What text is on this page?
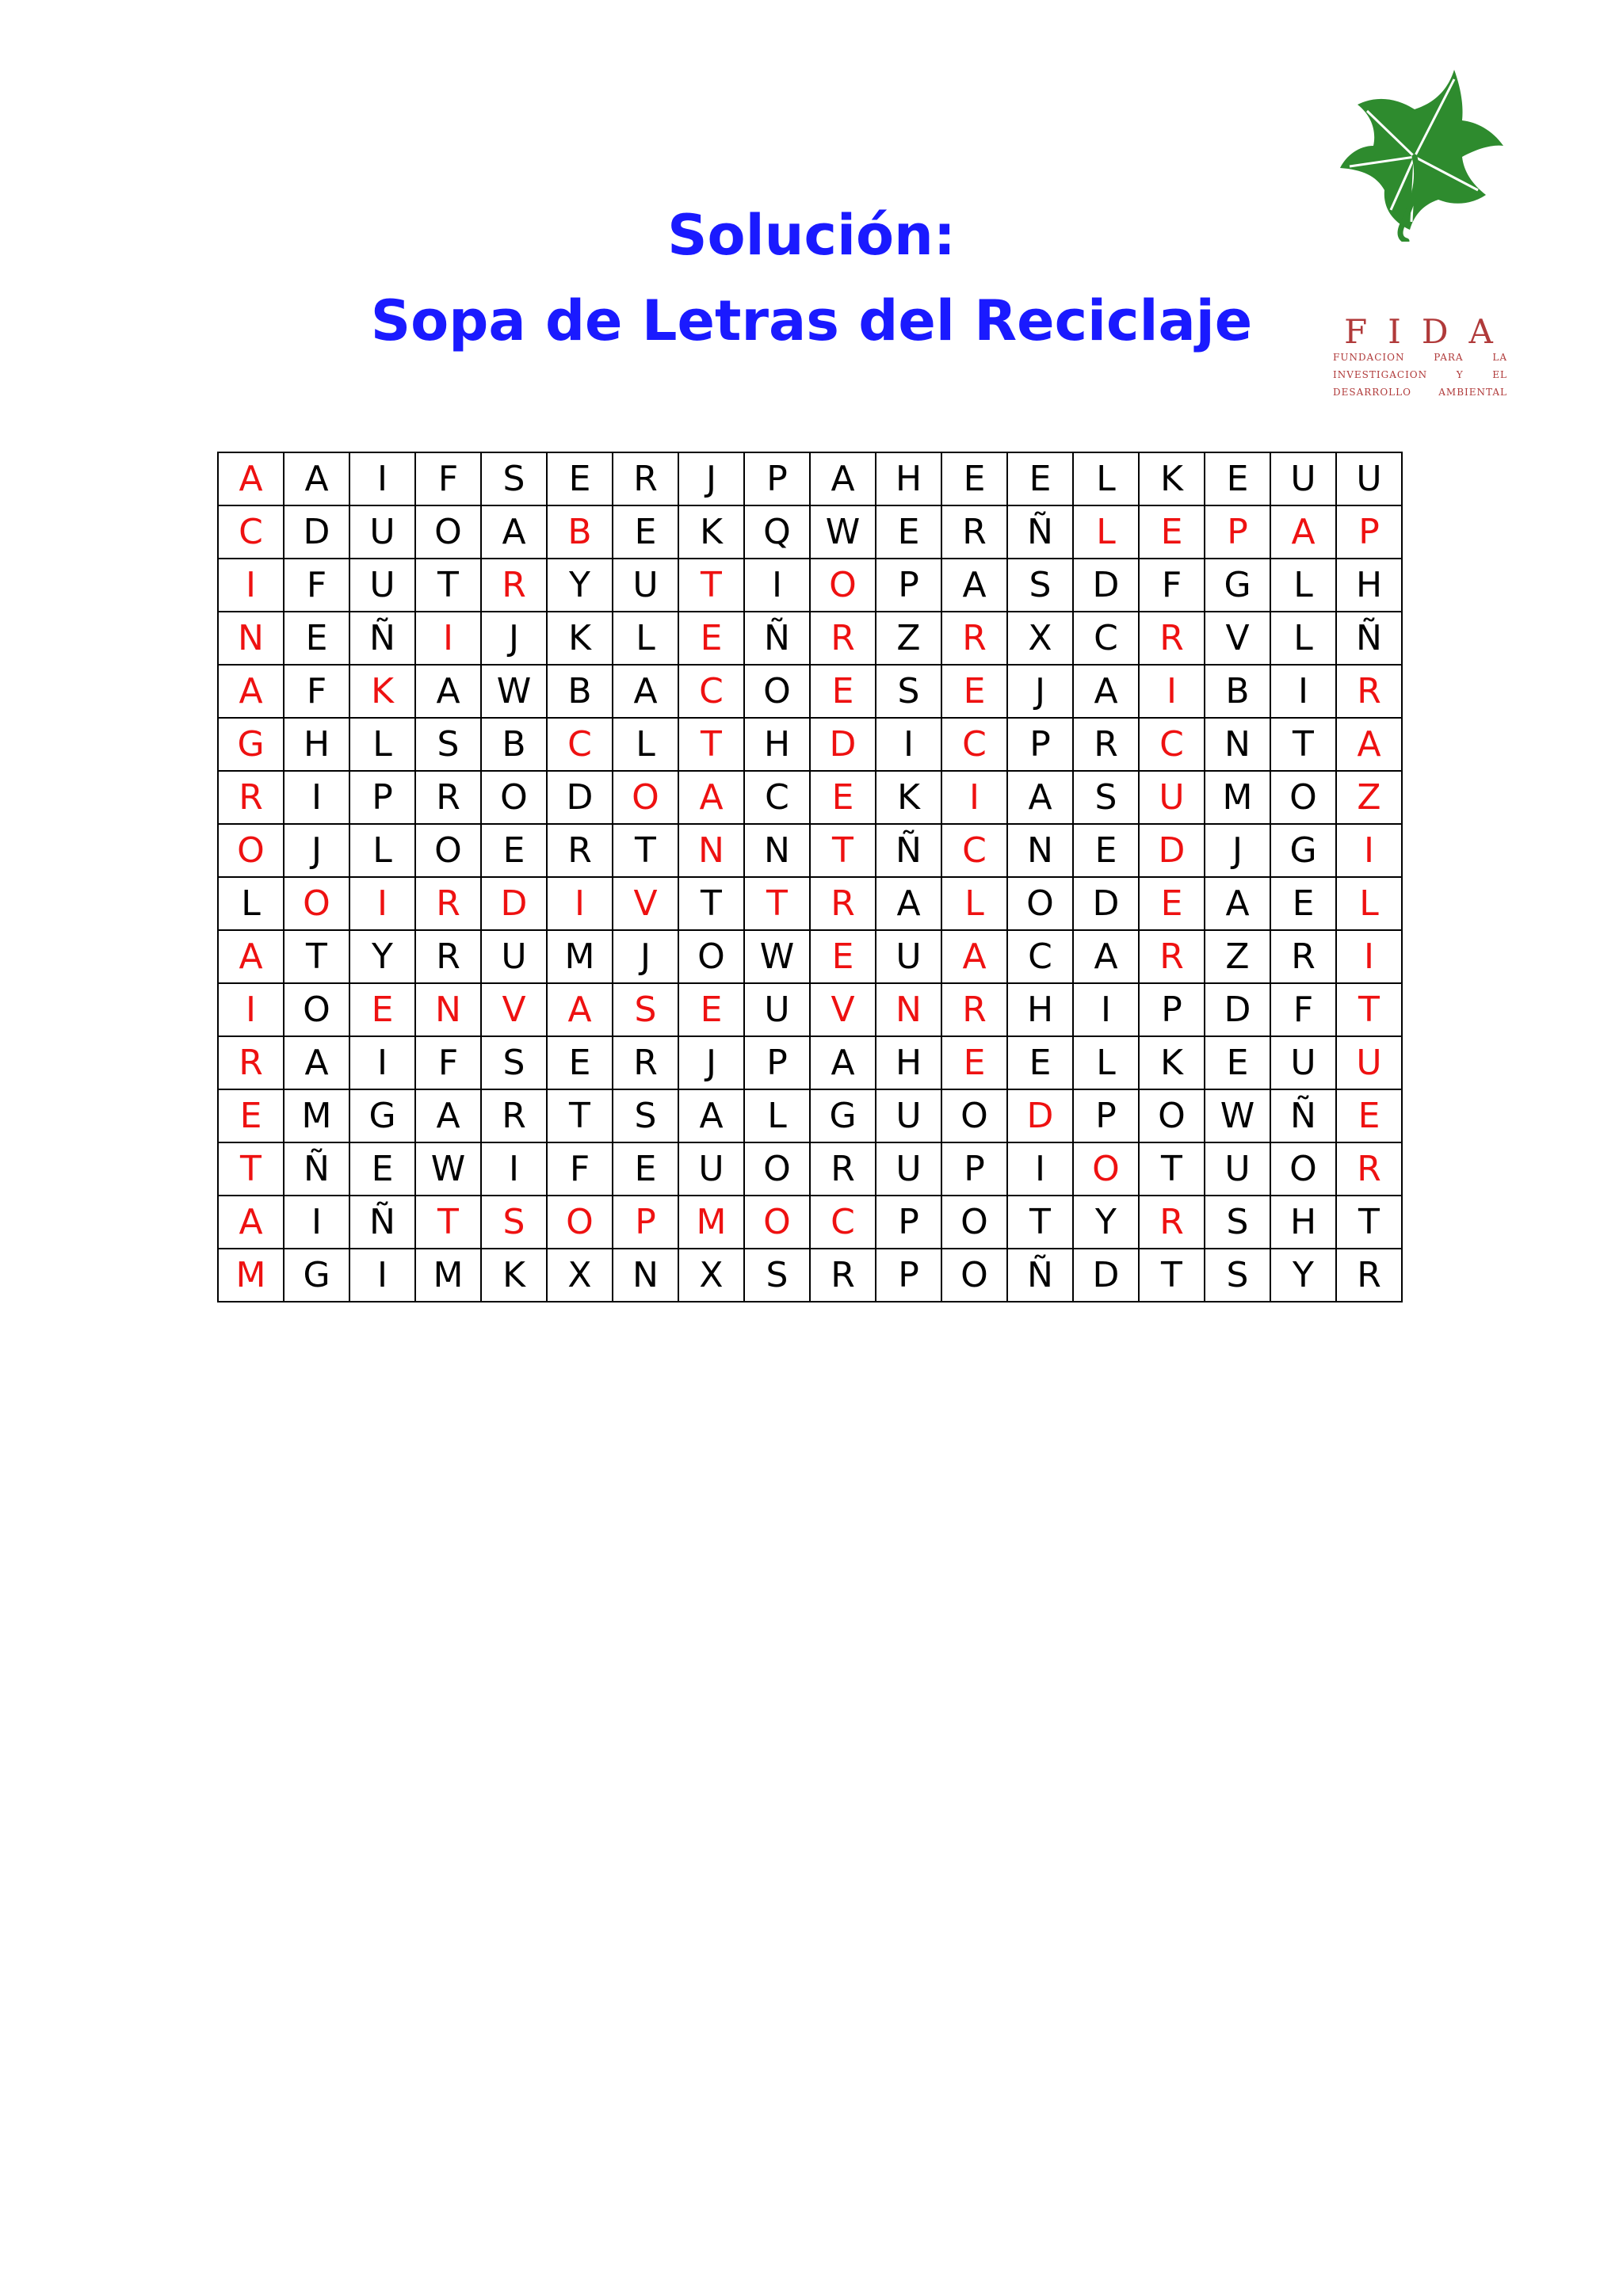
Solución:
Sopa de Letras del Reciclaje	FIDA
FUNDACION PARA LA INVESTIGACION Y EL DESARROLLO AMBIENTAL
A	A	I	F	S	E	R	J	P	A	H	E	E	L	K	E	U	U
C	D	U	O	A	B	E	K	Q	W	E	R	Ñ	L	E	P	A	P
I	F	U	T	R	Y	U	T	I	O	P	A	S	D	F	G	L	H
N	E	Ñ	I	J	K	L	E	Ñ	R	Z	R	X	C	R	V	L	Ñ
A	F	K	A	W	B	A	C	O	E	S	E	J	A	I	B	I	R
G	H	L	S	B	C	L	T	H	D	I	C	P	R	C	N	T	A
R	I	P	R	O	D	O	A	C	E	K	I	A	S	U	M	O	Z
O	J	L	O	E	R	T	N	N	T	Ñ	C	N	E	D	J	G	I
L	O	I	R	D	I	V	T	T	R	A	L	O	D	E	A	E	L
A	T	Y	R	U	M	J	O	W	E	U	A	C	A	R	Z	R	I
I	O	E	N	V	A	S	E	U	V	N	R	H	I	P	D	F	T
R	A	I	F	S	E	R	J	P	A	H	E	E	L	K	E	U	U
E	M	G	A	R	T	S	A	L	G	U	O	D	P	O	W	Ñ	E
T	Ñ	E	W	I	F	E	U	O	R	U	P	I	O	T	U	O	R
A	I	Ñ	T	S	O	P	M	O	C	P	O	T	Y	R	S	H	T
M	G	I	M	K	X	N	X	S	R	P	O	Ñ	D	T	S	Y	R
